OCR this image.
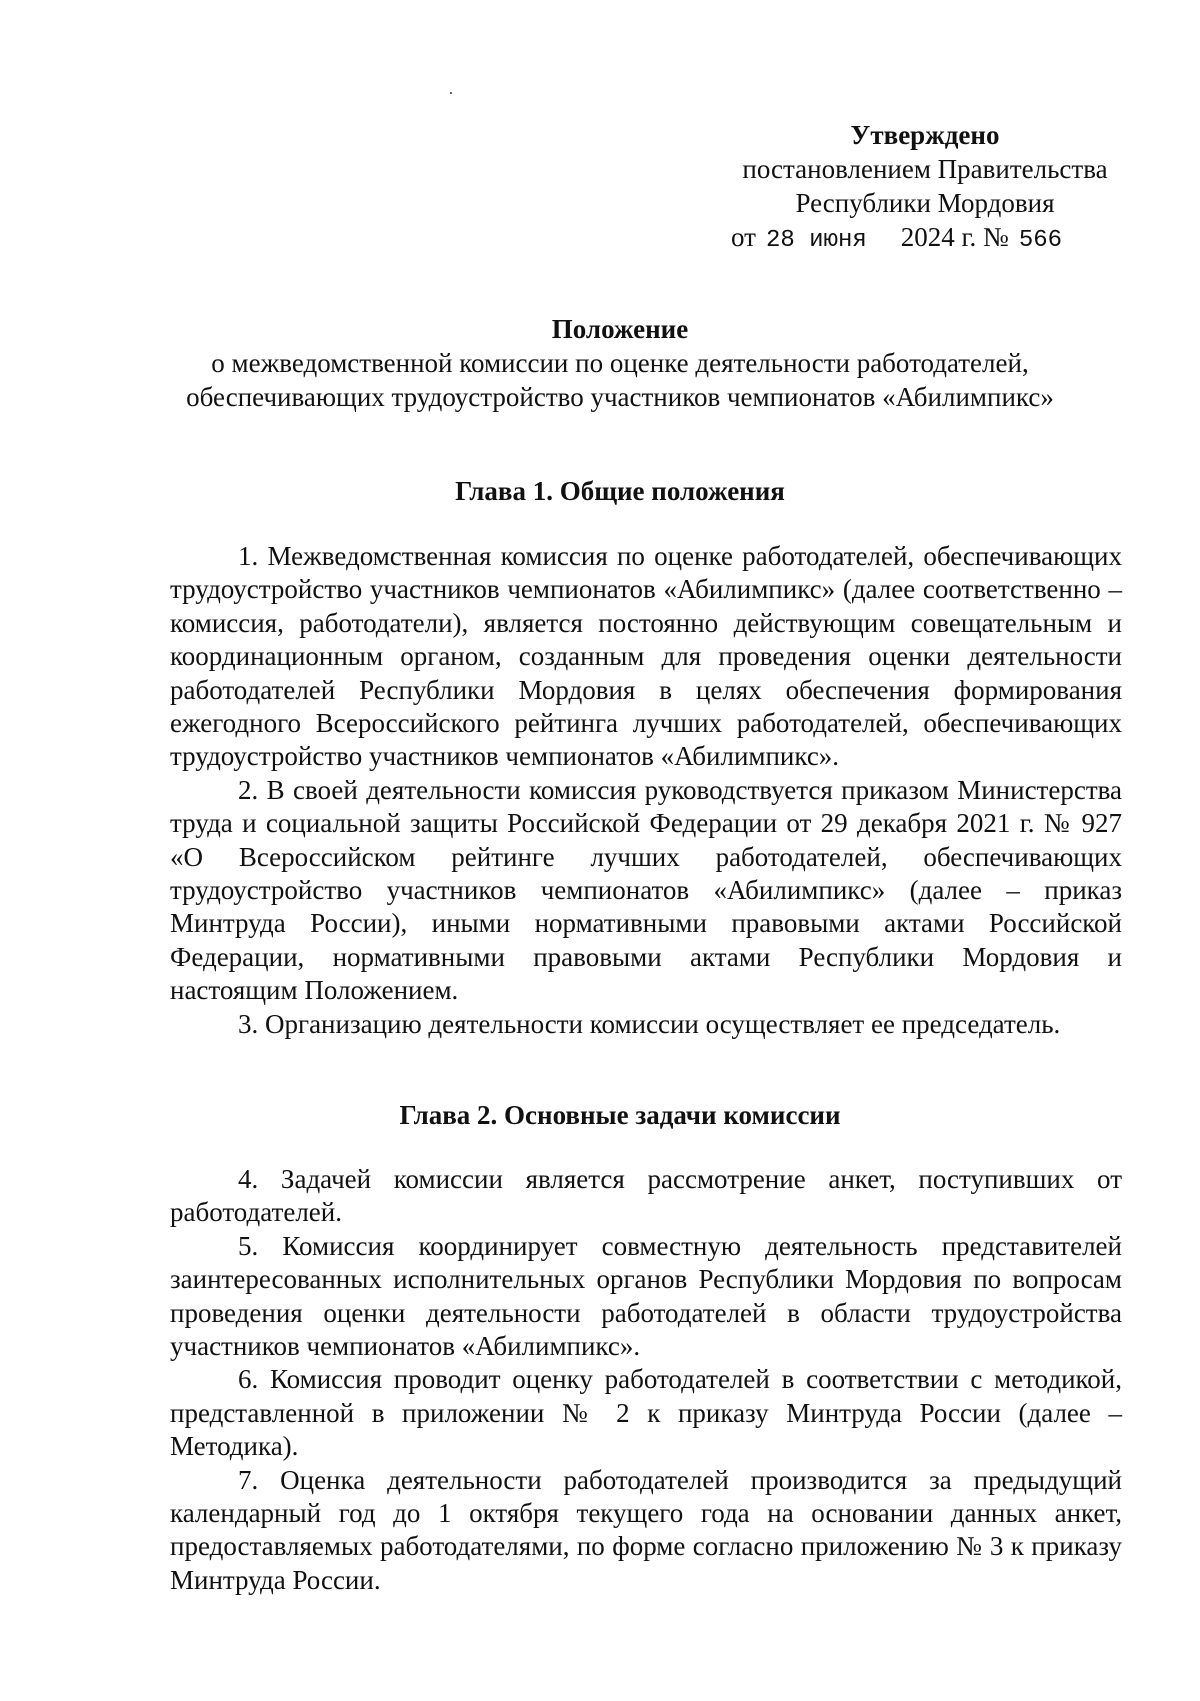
Утверждено
постановлением Правительства
Республики Мордовия
от 28 июня 2024 г. № 566
Положение
о межведомственной комиссии по оценке деятельности работодателей,
обеспечивающих трудоустройство участников чемпионатов «Абилимпикс»
Глава 1. Общие положения

1. Межведомственная комиссия по оценке работодателей, обеспечивающих трудоустройство участников чемпионатов «Абилимпикс» (далее соответственно – комиссия, работодатели), является постоянно действующим совещательным и координационным органом, созданным для проведения оценки деятельности работодателей Республики Мордовия в целях обеспечения формирования ежегодного Всероссийского рейтинга лучших работодателей, обеспечивающих трудоустройство участников чемпионатов «Абилимпикс».

2. В своей деятельности комиссия руководствуется приказом Министерства труда и социальной защиты Российской Федерации от 29 декабря 2021 г. № 927 «О Всероссийском рейтинге лучших работодателей, обеспечивающих трудоустройство участников чемпионатов «Абилимпикс» (далее – приказ Минтруда России), иными нормативными правовыми актами Российской Федерации, нормативными правовыми актами Республики Мордовия и настоящим Положением.

3. Организацию деятельности комиссии осуществляет ее председатель.

Глава 2. Основные задачи комиссии

4. Задачей комиссии является рассмотрение анкет, поступивших от работодателей.

5. Комиссия координирует совместную деятельность представителей заинтересованных исполнительных органов Республики Мордовия по вопросам проведения оценки деятельности работодателей в области трудоустройства участников чемпионатов «Абилимпикс».

6. Комиссия проводит оценку работодателей в соответствии с методикой, представленной в приложении № 2 к приказу Минтруда России (далее – Методика).

7. Оценка деятельности работодателей производится за предыдущий календарный год до 1 октября текущего года на основании данных анкет, предоставляемых работодателями, по форме согласно приложению № 3 к приказу Минтруда России.
